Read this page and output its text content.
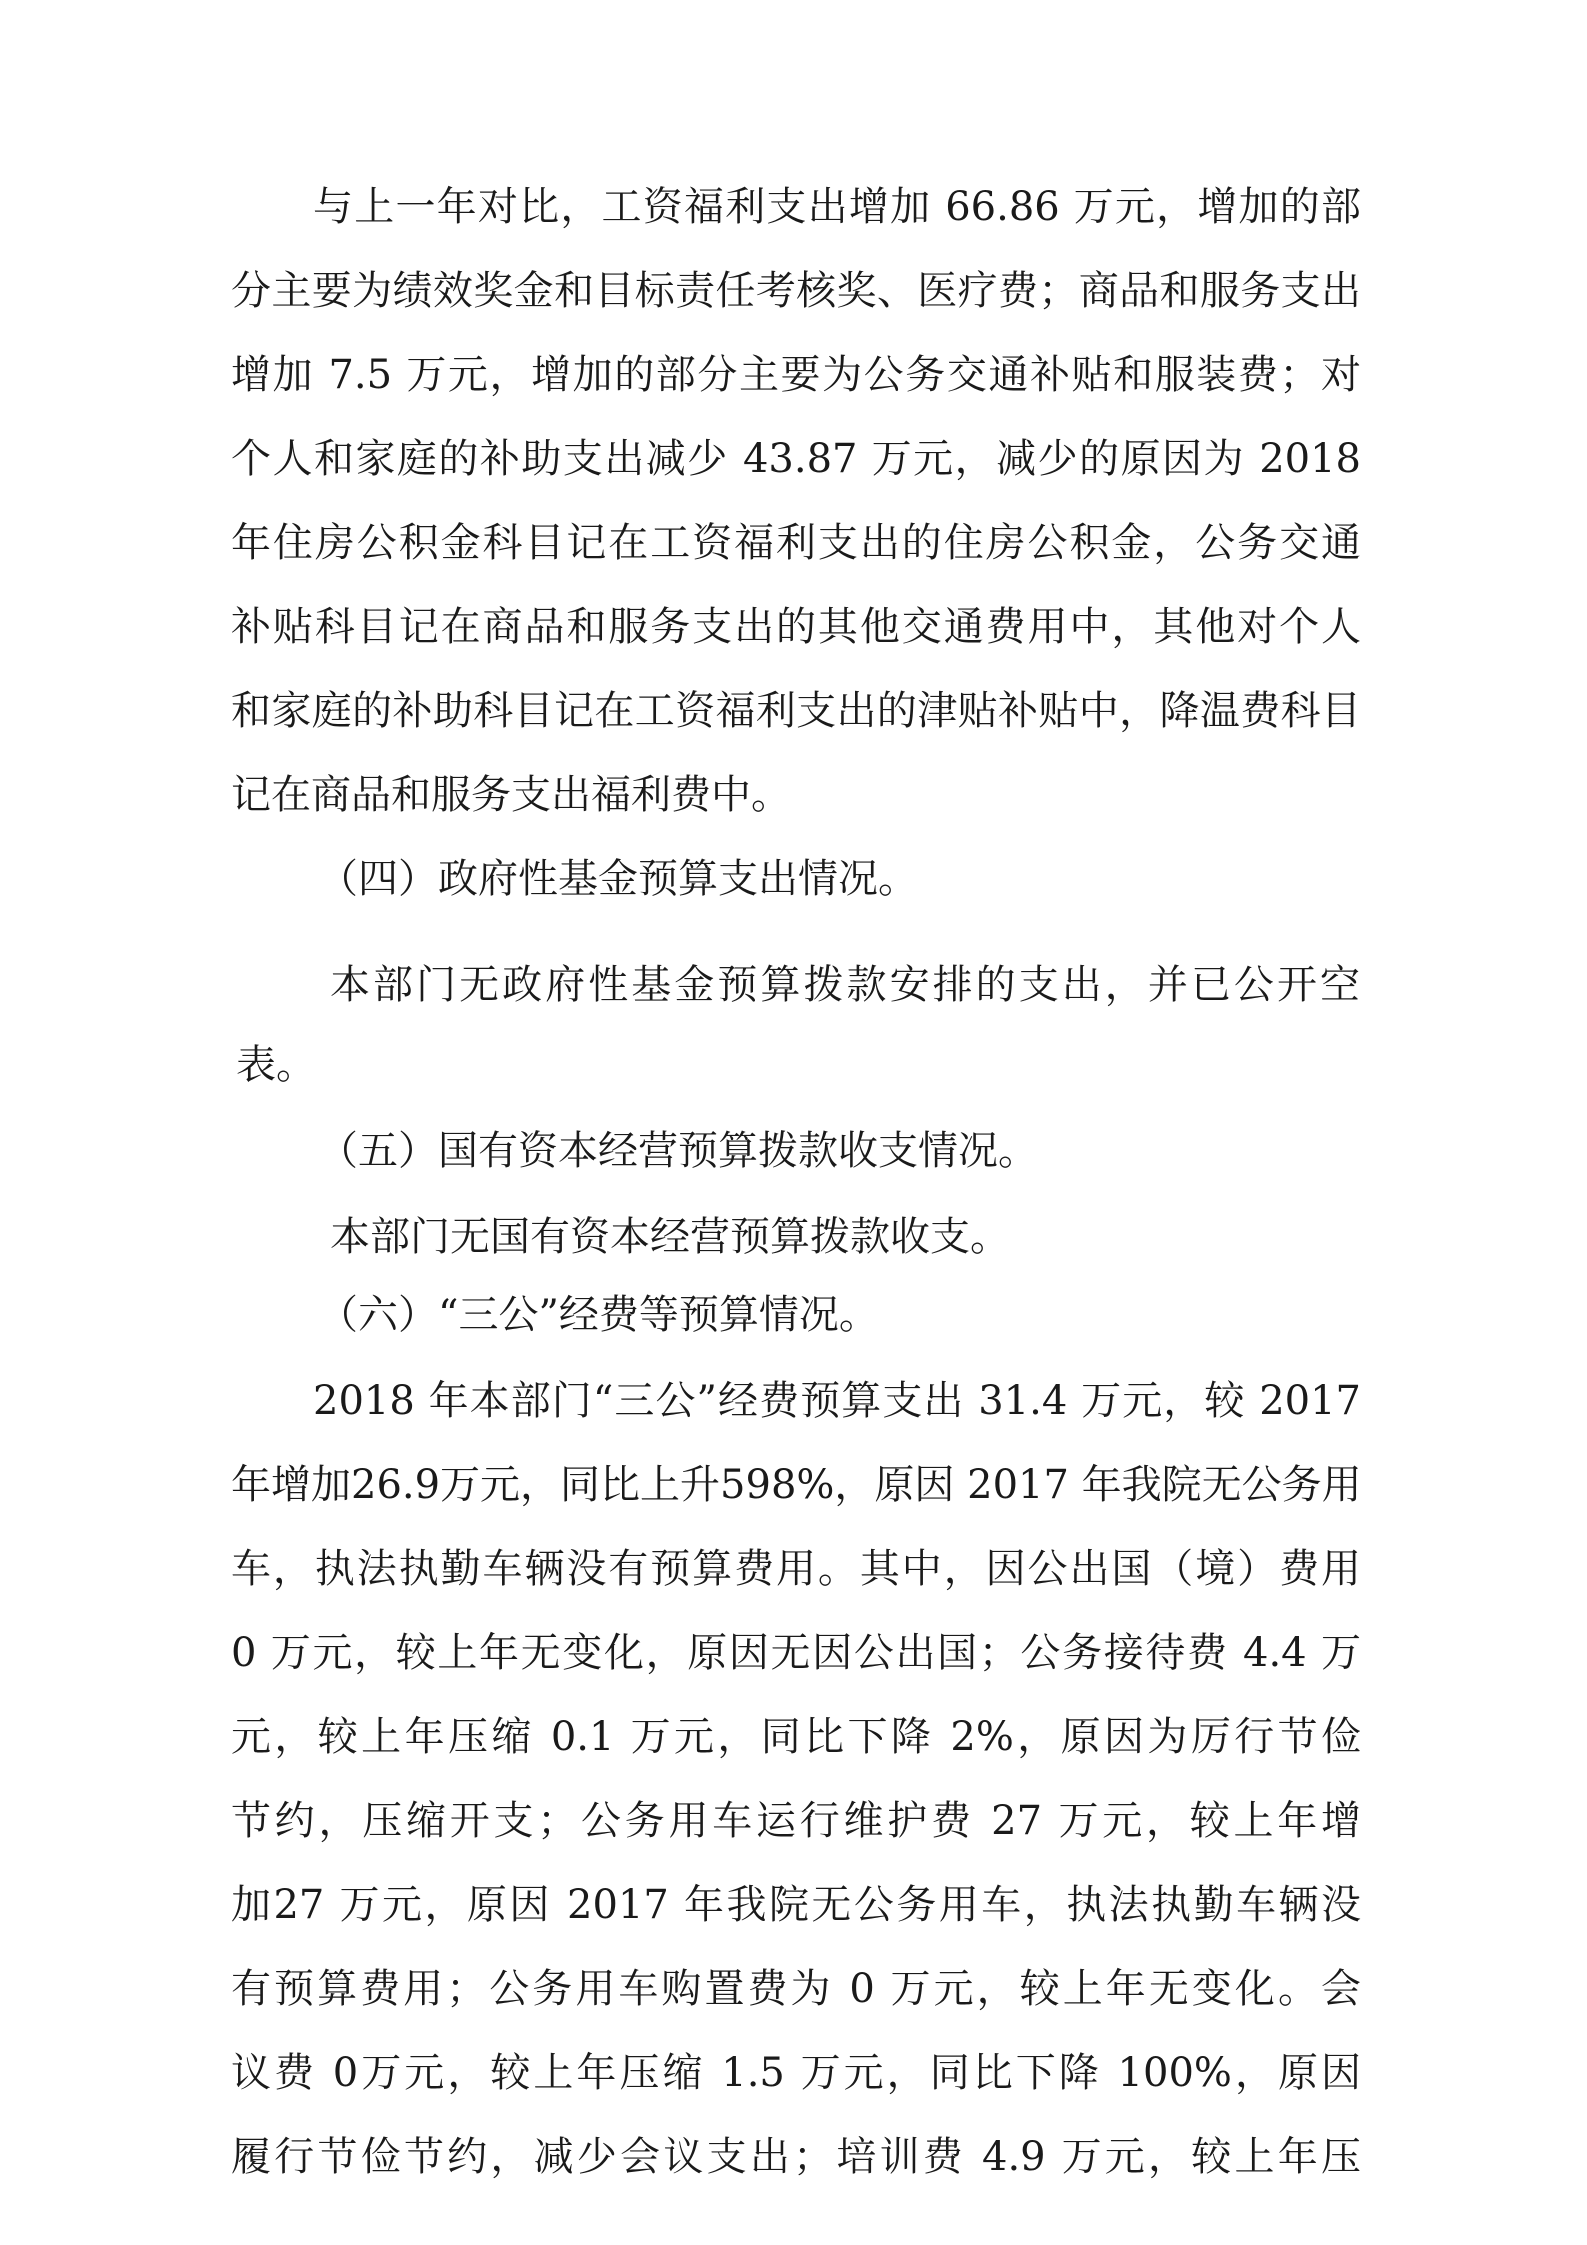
与上一年对比，工资福利支出增加 66.86 万元，增加的部
分主要为绩效奖金和目标责任考核奖、医疗费；商品和服务支出
增加 7.5 万元，增加的部分主要为公务交通补贴和服装费；对
个人和家庭的补助支出减少 43.87 万元，减少的原因为 2018
年住房公积金科目记在工资福利支出的住房公积金，公务交通
补贴科目记在商品和服务支出的其他交通费用中，其他对个人
和家庭的补助科目记在工资福利支出的津贴补贴中，降温费科目
记在商品和服务支出福利费中。
（四）政府性基金预算支出情况。
本部门无政府性基金预算拨款安排的支出，并已公开空
表。
（五）国有资本经营预算拨款收支情况。
本部门无国有资本经营预算拨款收支。
（六）“三公”经费等预算情况。
2018 年本部门“三公”经费预算支出 31.4 万元，较 2017
年增加26.9万元，同比上升598%，原因 2017 年我院无公务用
车，执法执勤车辆没有预算费用。其中，因公出国（境）费用
0 万元，较上年无变化，原因无因公出国；公务接待费 4.4 万
元，较上年压缩 0.1 万元，同比下降 2%，原因为厉行节俭
节约，压缩开支；公务用车运行维护费 27 万元，较上年增
加27 万元，原因 2017 年我院无公务用车，执法执勤车辆没
有预算费用；公务用车购置费为 0 万元，较上年无变化。会
议费 0万元，较上年压缩 1.5 万元，同比下降 100%，原因
履行节俭节约，减少会议支出；培训费 4.9 万元，较上年压
